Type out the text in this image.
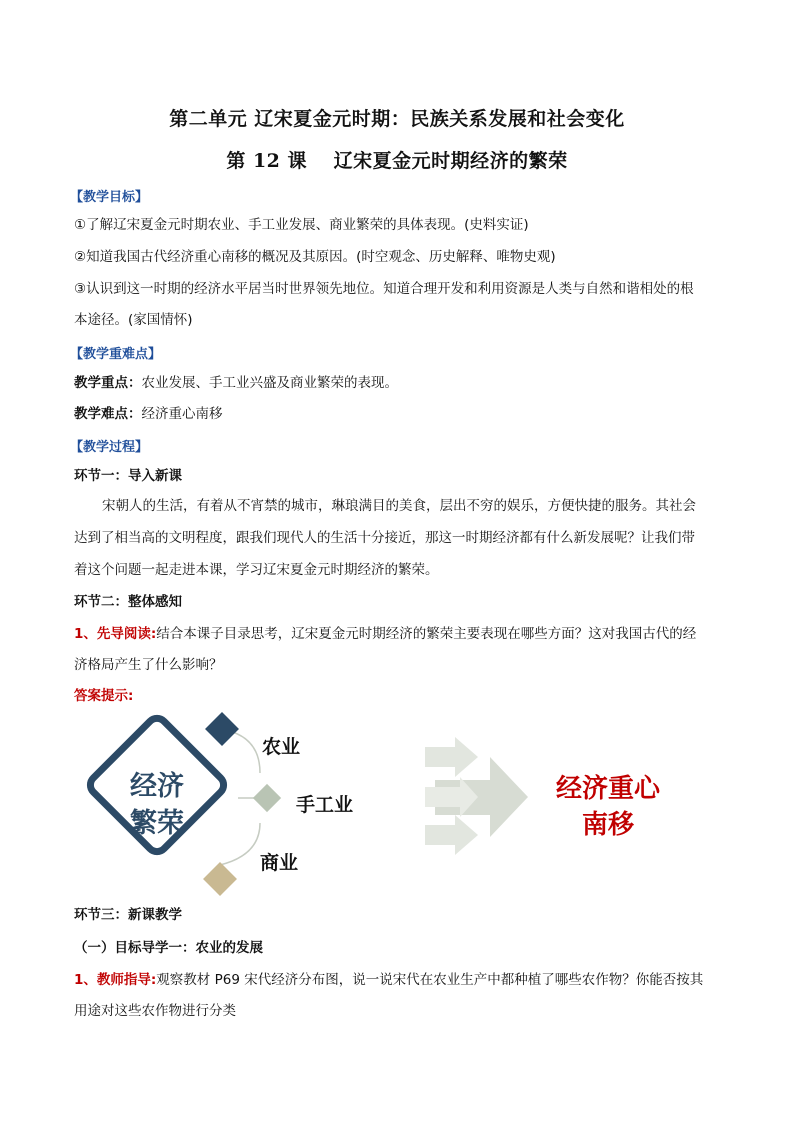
第二单元 辽宋夏金元时期：民族关系发展和社会变化
第 12 课　 辽宋夏金元时期经济的繁荣
【教学目标】
①了解辽宋夏金元时期农业、手工业发展、商业繁荣的具体表现。(史料实证)
②知道我国古代经济重心南移的概况及其原因。(时空观念、历史解释、唯物史观)
③认识到这一时期的经济水平居当时世界领先地位。知道合理开发和利用资源是人类与自然和谐相处的根
本途径。(家国情怀)
【教学重难点】
教学重点：农业发展、手工业兴盛及商业繁荣的表现。
教学难点：经济重心南移
【教学过程】
环节一：导入新课
宋朝人的生活，有着从不宵禁的城市，琳琅满目的美食，层出不穷的娱乐，方便快捷的服务。其社会
达到了相当高的文明程度，跟我们现代人的生活十分接近，那这一时期经济都有什么新发展呢？让我们带
着这个问题一起走进本课，学习辽宋夏金元时期经济的繁荣。
环节二：整体感知
1、先导阅读:结合本课子目录思考，辽宋夏金元时期经济的繁荣主要表现在哪些方面？这对我国古代的经
济格局产生了什么影响？
答案提示:
经济
繁荣
农业
手工业
商业
经济重心
南移
环节三：新课教学
（一）目标导学一：农业的发展
1、教师指导:观察教材 P69 宋代经济分布图，说一说宋代在农业生产中都种植了哪些农作物？你能否按其
用途对这些农作物进行分类
